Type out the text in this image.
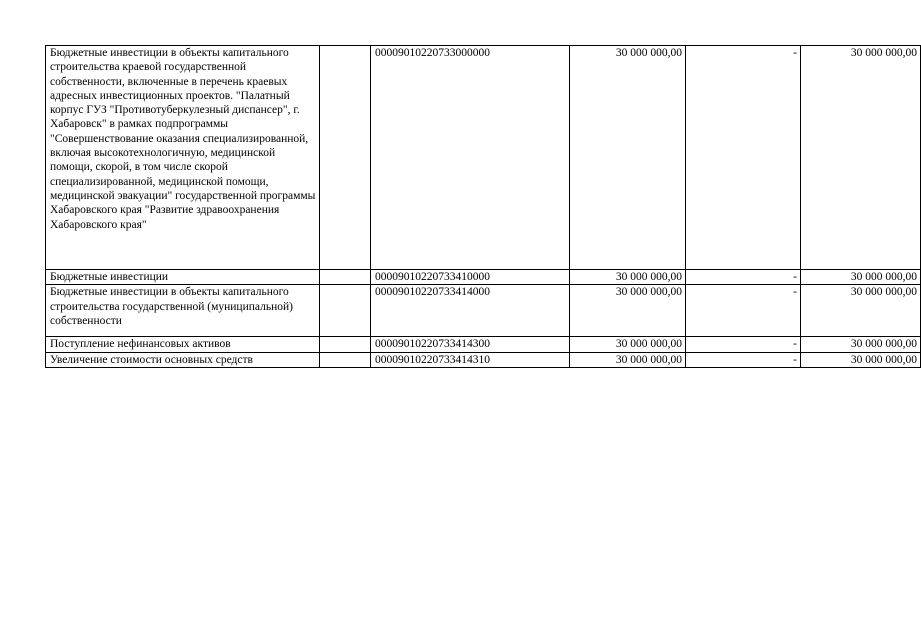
Бюджетные инвестиции в объекты капитального строительства краевой государственной собственности, включенные в перечень краевых адресных инвестиционных проектов. "Палатный корпус ГУЗ "Противотуберкулезный диспансер", г. Хабаровск" в рамках подпрограммы "Совершенствование оказания специализированной, включая высокотехнологичную, медицинской помощи, скорой, в том числе скорой специализированной, медицинской помощи, медицинской эвакуации" государственной программы Хабаровского края "Развитие здравоохранения Хабаровского края"		00009010220733000000	30 000 000,00	-	30 000 000,00
Бюджетные инвестиции		00009010220733410000	30 000 000,00	-	30 000 000,00
Бюджетные инвестиции в объекты капитального строительства государственной (муниципальной) собственности		00009010220733414000	30 000 000,00	-	30 000 000,00
Поступление нефинансовых активов		00009010220733414300	30 000 000,00	-	30 000 000,00
Увеличение стоимости основных средств		00009010220733414310	30 000 000,00	-	30 000 000,00
